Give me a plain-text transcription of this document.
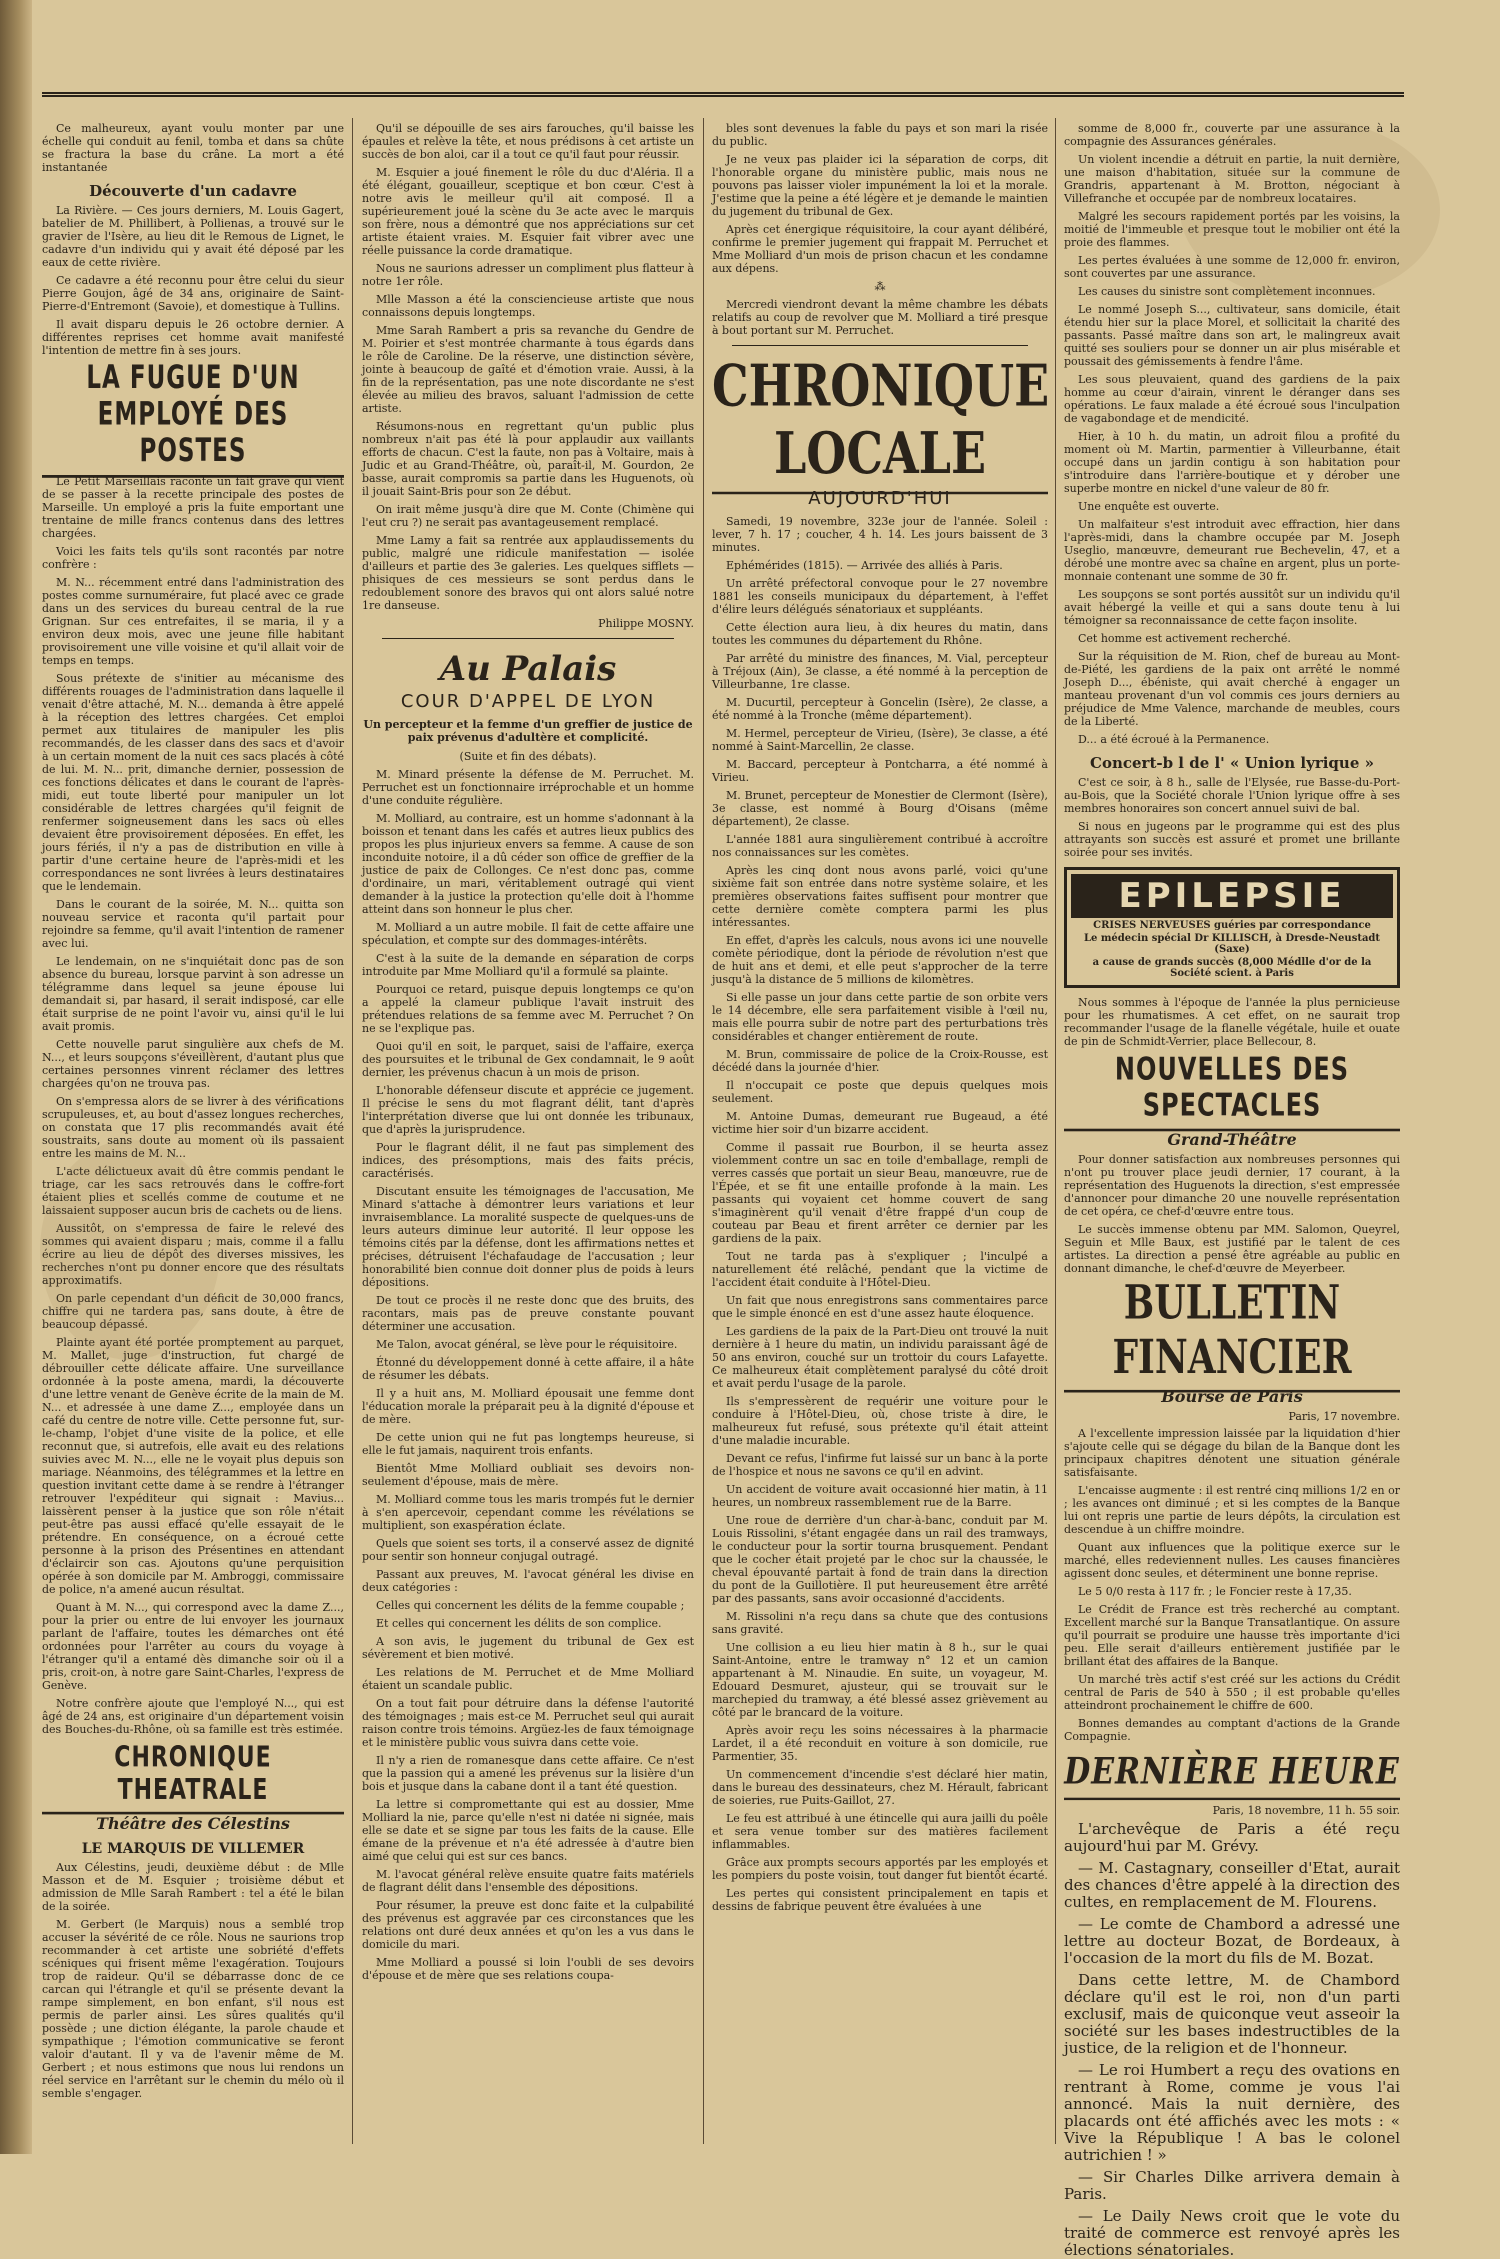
Ce malheureux, ayant voulu monter par une échelle qui conduit au fenil, tomba et dans sa chûte se fractura la base du crâne. La mort a été instantanée

Découverte d'un cadavre

La Rivière. — Ces jours derniers, M. Louis Gagert, batelier de M. Phillibert, à Pollienas, a trouvé sur le gravier de l'Isère, au lieu dit le Remous de Lignet, le cadavre d'un individu qui y avait été déposé par les eaux de cette rivière.

Ce cadavre a été reconnu pour être celui du sieur Pierre Goujon, âgé de 34 ans, originaire de Saint-Pierre-d'Entremont (Savoie), et domestique à Tullins.

Il avait disparu depuis le 26 octobre dernier. A différentes reprises cet homme avait manifesté l'intention de mettre fin à ses jours.

LA FUGUE D'UN EMPLOYÉ DES POSTES

Le Petit Marseillais raconte un fait grave qui vient de se passer à la recette principale des postes de Marseille. Un employé a pris la fuite emportant une trentaine de mille francs contenus dans des lettres chargées.

Voici les faits tels qu'ils sont racontés par notre confrère :

M. N... récemment entré dans l'administration des postes comme surnuméraire, fut placé avec ce grade dans un des services du bureau central de la rue Grignan. Sur ces entrefaites, il se maria, il y a environ deux mois, avec une jeune fille habitant provisoirement une ville voisine et qu'il allait voir de temps en temps.

Sous prétexte de s'initier au mécanisme des différents rouages de l'administration dans laquelle il venait d'être attaché, M. N... demanda à être appelé à la réception des lettres chargées. Cet emploi permet aux titulaires de manipuler les plis recommandés, de les classer dans des sacs et d'avoir à un certain moment de la nuit ces sacs placés à côté de lui. M. N... prit, dimanche dernier, possession de ces fonctions délicates et dans le courant de l'après-midi, eut toute liberté pour manipuler un lot considérable de lettres chargées qu'il feignit de renfermer soigneusement dans les sacs où elles devaient être provisoirement déposées. En effet, les jours fériés, il n'y a pas de distribution en ville à partir d'une certaine heure de l'après-midi et les correspondances ne sont livrées à leurs destinataires que le lendemain.

Dans le courant de la soirée, M. N... quitta son nouveau service et raconta qu'il partait pour rejoindre sa femme, qu'il avait l'intention de ramener avec lui.

Le lendemain, on ne s'inquiétait donc pas de son absence du bureau, lorsque parvint à son adresse un télégramme dans lequel sa jeune épouse lui demandait si, par hasard, il serait indisposé, car elle était surprise de ne point l'avoir vu, ainsi qu'il le lui avait promis.

Cette nouvelle parut singulière aux chefs de M. N..., et leurs soupçons s'éveillèrent, d'autant plus que certaines personnes vinrent réclamer des lettres chargées qu'on ne trouva pas.

On s'empressa alors de se livrer à des vérifications scrupuleuses, et, au bout d'assez longues recherches, on constata que 17 plis recommandés avait été soustraits, sans doute au moment où ils passaient entre les mains de M. N...

L'acte délictueux avait dû être commis pendant le triage, car les sacs retrouvés dans le coffre-fort étaient plies et scellés comme de coutume et ne laissaient supposer aucun bris de cachets ou de liens.

Aussitôt, on s'empressa de faire le relevé des sommes qui avaient disparu ; mais, comme il a fallu écrire au lieu de dépôt des diverses missives, les recherches n'ont pu donner encore que des résultats approximatifs.

On parle cependant d'un déficit de 30,000 francs, chiffre qui ne tardera pas, sans doute, à être de beaucoup dépassé.

Plainte ayant été portée promptement au parquet, M. Mallet, juge d'instruction, fut chargé de débrouiller cette délicate affaire. Une surveillance ordonnée à la poste amena, mardi, la découverte d'une lettre venant de Genève écrite de la main de M. N... et adressée à une dame Z..., employée dans un café du centre de notre ville. Cette personne fut, sur-le-champ, l'objet d'une visite de la police, et elle reconnut que, si autrefois, elle avait eu des relations suivies avec M. N..., elle ne le voyait plus depuis son mariage. Néanmoins, des télégrammes et la lettre en question invitant cette dame à se rendre à l'étranger retrouver l'expéditeur qui signait : Mavius... laissèrent penser à la justice que son rôle n'était peut-être pas aussi effacé qu'elle essayait de le prétendre. En conséquence, on a écroué cette personne à la prison des Présentines en attendant d'éclaircir son cas. Ajoutons qu'une perquisition opérée à son domicile par M. Ambroggi, commissaire de police, n'a amené aucun résultat.

Quant à M. N..., qui correspond avec la dame Z..., pour la prier ou entre de lui envoyer les journaux parlant de l'affaire, toutes les démarches ont été ordonnées pour l'arrêter au cours du voyage à l'étranger qu'il a entamé dès dimanche soir où il a pris, croit-on, à notre gare Saint-Charles, l'express de Genève.

Notre confrère ajoute que l'employé N..., qui est âgé de 24 ans, est originaire d'un département voisin des Bouches-du-Rhône, où sa famille est très estimée.

CHRONIQUE THEATRALE
Théâtre des Célestins
LE MARQUIS DE VILLEMER

Aux Célestins, jeudi, deuxième début : de Mlle Masson et de M. Esquier ; troisième début et admission de Mlle Sarah Rambert : tel a été le bilan de la soirée.

M. Gerbert (le Marquis) nous a semblé trop accuser la sévérité de ce rôle. Nous ne saurions trop recommander à cet artiste une sobriété d'effets scéniques qui frisent même l'exagération. Toujours trop de raideur. Qu'il se débarrasse donc de ce carcan qui l'étrangle et qu'il se présente devant la rampe simplement, en bon enfant, s'il nous est permis de parler ainsi. Les sûres qualités qu'il possède ; une diction élégante, la parole chaude et sympathique ; l'émotion communicative se feront valoir d'autant. Il y va de l'avenir même de M. Gerbert ; et nous estimons que nous lui rendons un réel service en l'arrêtant sur le chemin du mélo où il semble s'engager.

Qu'il se dépouille de ses airs farouches, qu'il baisse les épaules et relève la tête, et nous prédisons à cet artiste un succès de bon aloi, car il a tout ce qu'il faut pour réussir.

M. Esquier a joué finement le rôle du duc d'Aléria. Il a été élégant, gouailleur, sceptique et bon cœur. C'est à notre avis le meilleur qu'il ait composé. Il a supérieurement joué la scène du 3e acte avec le marquis son frère, nous a démontré que nos appréciations sur cet artiste étaient vraies. M. Esquier fait vibrer avec une réelle puissance la corde dramatique.

Nous ne saurions adresser un compliment plus flatteur à notre 1er rôle.

Mlle Masson a été la consciencieuse artiste que nous connaissons depuis longtemps.

Mme Sarah Rambert a pris sa revanche du Gendre de M. Poirier et s'est montrée charmante à tous égards dans le rôle de Caroline. De la réserve, une distinction sévère, jointe à beaucoup de gaîté et d'émotion vraie. Aussi, à la fin de la représentation, pas une note discordante ne s'est élevée au milieu des bravos, saluant l'admission de cette artiste.

Résumons-nous en regrettant qu'un public plus nombreux n'ait pas été là pour applaudir aux vaillants efforts de chacun. C'est la faute, non pas à Voltaire, mais à Judic et au Grand-Théâtre, où, paraît-il, M. Gourdon, 2e basse, aurait compromis sa partie dans les Huguenots, où il jouait Saint-Bris pour son 2e début.

On irait même jusqu'à dire que M. Conte (Chimène qui l'eut cru ?) ne serait pas avantageusement remplacé.

Mme Lamy a fait sa rentrée aux applaudissements du public, malgré une ridicule manifestation — isolée d'ailleurs et partie des 3e galeries. Les quelques sifflets — phisiques de ces messieurs se sont perdus dans le redoublement sonore des bravos qui ont alors salué notre 1re danseuse.

Philippe MOSNY.
Au Palais
COUR D'APPEL DE LYON
Un percepteur et la femme d'un greffier de justice de paix prévenus d'adultère et complicité.

(Suite et fin des débats).

M. Minard présente la défense de M. Perruchet. M. Perruchet est un fonctionnaire irréprochable et un homme d'une conduite régulière.

M. Molliard, au contraire, est un homme s'adonnant à la boisson et tenant dans les cafés et autres lieux publics des propos les plus injurieux envers sa femme. A cause de son inconduite notoire, il a dû céder son office de greffier de la justice de paix de Collonges. Ce n'est donc pas, comme d'ordinaire, un mari, véritablement outragé qui vient demander à la justice la protection qu'elle doit à l'homme atteint dans son honneur le plus cher.

M. Molliard a un autre mobile. Il fait de cette affaire une spéculation, et compte sur des dommages-intérêts.

C'est à la suite de la demande en séparation de corps introduite par Mme Molliard qu'il a formulé sa plainte.

Pourquoi ce retard, puisque depuis longtemps ce qu'on a appelé la clameur publique l'avait instruit des prétendues relations de sa femme avec M. Perruchet ? On ne se l'explique pas.

Quoi qu'il en soit, le parquet, saisi de l'affaire, exerça des poursuites et le tribunal de Gex condamnait, le 9 août dernier, les prévenus chacun à un mois de prison.

L'honorable défenseur discute et apprécie ce jugement. Il précise le sens du mot flagrant délit, tant d'après l'interprétation diverse que lui ont donnée les tribunaux, que d'après la jurisprudence.

Pour le flagrant délit, il ne faut pas simplement des indices, des présomptions, mais des faits précis, caractérisés.

Discutant ensuite les témoignages de l'accusation, Me Minard s'attache à démontrer leurs variations et leur invraisemblance. La moralité suspecte de quelques-uns de leurs auteurs diminue leur autorité. Il leur oppose les témoins cités par la défense, dont les affirmations nettes et précises, détruisent l'échafaudage de l'accusation ; leur honorabilité bien connue doit donner plus de poids à leurs dépositions.

De tout ce procès il ne reste donc que des bruits, des racontars, mais pas de preuve constante pouvant déterminer une accusation.

Me Talon, avocat général, se lève pour le réquisitoire.

Étonné du développement donné à cette affaire, il a hâte de résumer les débats.

Il y a huit ans, M. Molliard épousait une femme dont l'éducation morale la préparait peu à la dignité d'épouse et de mère.

De cette union qui ne fut pas longtemps heureuse, si elle le fut jamais, naquirent trois enfants.

Bientôt Mme Molliard oubliait ses devoirs non-seulement d'épouse, mais de mère.

M. Molliard comme tous les maris trompés fut le dernier à s'en apercevoir, cependant comme les révélations se multiplient, son exaspération éclate.

Quels que soient ses torts, il a conservé assez de dignité pour sentir son honneur conjugal outragé.

Passant aux preuves, M. l'avocat général les divise en deux catégories :

Celles qui concernent les délits de la femme coupable ;

Et celles qui concernent les délits de son complice.

A son avis, le jugement du tribunal de Gex est sévèrement et bien motivé.

Les relations de M. Perruchet et de Mme Molliard étaient un scandale public.

On a tout fait pour détruire dans la défense l'autorité des témoignages ; mais est-ce M. Perruchet seul qui aurait raison contre trois témoins. Argüez-les de faux témoignage et le ministère public vous suivra dans cette voie.

Il n'y a rien de romanesque dans cette affaire. Ce n'est que la passion qui a amené les prévenus sur la lisière d'un bois et jusque dans la cabane dont il a tant été question.

La lettre si compromettante qui est au dossier, Mme Molliard la nie, parce qu'elle n'est ni datée ni signée, mais elle se date et se signe par tous les faits de la cause. Elle émane de la prévenue et n'a été adressée à d'autre bien aimé que celui qui est sur ces bancs.

M. l'avocat général relève ensuite quatre faits matériels de flagrant délit dans l'ensemble des dépositions.

Pour résumer, la preuve est donc faite et la culpabilité des prévenus est aggravée par ces circonstances que les relations ont duré deux années et qu'on les a vus dans le domicile du mari.

Mme Molliard a poussé si loin l'oubli de ses devoirs d'épouse et de mère que ses relations coupa-

bles sont devenues la fable du pays et son mari la risée du public.

Je ne veux pas plaider ici la séparation de corps, dit l'honorable organe du ministère public, mais nous ne pouvons pas laisser violer impunément la loi et la morale. J'estime que la peine a été légère et je demande le maintien du jugement du tribunal de Gex.

Après cet énergique réquisitoire, la cour ayant délibéré, confirme le premier jugement qui frappait M. Perruchet et Mme Molliard d'un mois de prison chacun et les condamne aux dépens.

⁂

Mercredi viendront devant la même chambre les débats relatifs au coup de revolver que M. Molliard a tiré presque à bout portant sur M. Perruchet.

CHRONIQUE LOCALE
AUJOURD'HUI

Samedi, 19 novembre, 323e jour de l'année. Soleil : lever, 7 h. 17 ; coucher, 4 h. 14. Les jours baissent de 3 minutes.

Ephémérides (1815). — Arrivée des alliés à Paris.

Un arrêté préfectoral convoque pour le 27 novembre 1881 les conseils municipaux du département, à l'effet d'élire leurs délégués sénatoriaux et suppléants.

Cette élection aura lieu, à dix heures du matin, dans toutes les communes du département du Rhône.

Par arrêté du ministre des finances, M. Vial, percepteur à Tréjoux (Ain), 3e classe, a été nommé à la perception de Villeurbanne, 1re classe.

M. Ducurtil, percepteur à Goncelin (Isère), 2e classe, a été nommé à la Tronche (même département).

M. Hermel, percepteur de Virieu, (Isère), 3e classe, a été nommé à Saint-Marcellin, 2e classe.

M. Baccard, percepteur à Pontcharra, a été nommé à Virieu.

M. Brunet, percepteur de Monestier de Clermont (Isère), 3e classe, est nommé à Bourg d'Oisans (même département), 2e classe.

L'année 1881 aura singulièrement contribué à accroître nos connaissances sur les comètes.

Après les cinq dont nous avons parlé, voici qu'une sixième fait son entrée dans notre système solaire, et les premières observations faites suffisent pour montrer que cette dernière comète comptera parmi les plus intéressantes.

En effet, d'après les calculs, nous avons ici une nouvelle comète périodique, dont la période de révolution n'est que de huit ans et demi, et elle peut s'approcher de la terre jusqu'à la distance de 5 millions de kilomètres.

Si elle passe un jour dans cette partie de son orbite vers le 14 décembre, elle sera parfaitement visible à l'œil nu, mais elle pourra subir de notre part des perturbations très considérables et changer entièrement de route.

M. Brun, commissaire de police de la Croix-Rousse, est décédé dans la journée d'hier.

Il n'occupait ce poste que depuis quelques mois seulement.

M. Antoine Dumas, demeurant rue Bugeaud, a été victime hier soir d'un bizarre accident.

Comme il passait rue Bourbon, il se heurta assez violemment contre un sac en toile d'emballage, rempli de verres cassés que portait un sieur Beau, manœuvre, rue de l'Épée, et se fit une entaille profonde à la main. Les passants qui voyaient cet homme couvert de sang s'imaginèrent qu'il venait d'être frappé d'un coup de couteau par Beau et firent arrêter ce dernier par les gardiens de la paix.

Tout ne tarda pas à s'expliquer ; l'inculpé a naturellement été relâché, pendant que la victime de l'accident était conduite à l'Hôtel-Dieu.

Un fait que nous enregistrons sans commentaires parce que le simple énoncé en est d'une assez haute éloquence.

Les gardiens de la paix de la Part-Dieu ont trouvé la nuit dernière à 1 heure du matin, un individu paraissant âgé de 50 ans environ, couché sur un trottoir du cours Lafayette. Ce malheureux était complètement paralysé du côté droit et avait perdu l'usage de la parole.

Ils s'empressèrent de requérir une voiture pour le conduire à l'Hôtel-Dieu, où, chose triste à dire, le malheureux fut refusé, sous prétexte qu'il était atteint d'une maladie incurable.

Devant ce refus, l'infirme fut laissé sur un banc à la porte de l'hospice et nous ne savons ce qu'il en advint.

Un accident de voiture avait occasionné hier matin, à 11 heures, un nombreux rassemblement rue de la Barre.

Une roue de derrière d'un char-à-banc, conduit par M. Louis Rissolini, s'étant engagée dans un rail des tramways, le conducteur pour la sortir tourna brusquement. Pendant que le cocher était projeté par le choc sur la chaussée, le cheval épouvanté partait à fond de train dans la direction du pont de la Guillotière. Il put heureusement être arrêté par des passants, sans avoir occasionné d'accidents.

M. Rissolini n'a reçu dans sa chute que des contusions sans gravité.

Une collision a eu lieu hier matin à 8 h., sur le quai Saint-Antoine, entre le tramway n° 12 et un camion appartenant à M. Ninaudie. En suite, un voyageur, M. Edouard Desmuret, ajusteur, qui se trouvait sur le marchepied du tramway, a été blessé assez grièvement au côté par le brancard de la voiture.

Après avoir reçu les soins nécessaires à la pharmacie Lardet, il a été reconduit en voiture à son domicile, rue Parmentier, 35.

Un commencement d'incendie s'est déclaré hier matin, dans le bureau des dessinateurs, chez M. Hérault, fabricant de soieries, rue Puits-Gaillot, 27.

Le feu est attribué à une étincelle qui aura jailli du poêle et sera venue tomber sur des matières facilement inflammables.

Grâce aux prompts secours apportés par les employés et les pompiers du poste voisin, tout danger fut bientôt écarté.

Les pertes qui consistent principalement en tapis et dessins de fabrique peuvent être évaluées à une

somme de 8,000 fr., couverte par une assurance à la compagnie des Assurances générales.

Un violent incendie a détruit en partie, la nuit dernière, une maison d'habitation, située sur la commune de Grandris, appartenant à M. Brotton, négociant à Villefranche et occupée par de nombreux locataires.

Malgré les secours rapidement portés par les voisins, la moitié de l'immeuble et presque tout le mobilier ont été la proie des flammes.

Les pertes évaluées à une somme de 12,000 fr. environ, sont couvertes par une assurance.

Les causes du sinistre sont complètement inconnues.

Le nommé Joseph S..., cultivateur, sans domicile, était étendu hier sur la place Morel, et sollicitait la charité des passants. Passé maître dans son art, le malingreux avait quitté ses souliers pour se donner un air plus misérable et poussait des gémissements à fendre l'âme.

Les sous pleuvaient, quand des gardiens de la paix homme au cœur d'airain, vinrent le déranger dans ses opérations. Le faux malade a été écroué sous l'inculpation de vagabondage et de mendicité.

Hier, à 10 h. du matin, un adroit filou a profité du moment où M. Martin, parmentier à Villeurbanne, était occupé dans un jardin contigu à son habitation pour s'introduire dans l'arrière-boutique et y dérober une superbe montre en nickel d'une valeur de 80 fr.

Une enquête est ouverte.

Un malfaiteur s'est introduit avec effraction, hier dans l'après-midi, dans la chambre occupée par M. Joseph Useglio, manœuvre, demeurant rue Bechevelin, 47, et a dérobé une montre avec sa chaîne en argent, plus un porte-monnaie contenant une somme de 30 fr.

Les soupçons se sont portés aussitôt sur un individu qu'il avait hébergé la veille et qui a sans doute tenu à lui témoigner sa reconnaissance de cette façon insolite.

Cet homme est activement recherché.

Sur la réquisition de M. Rion, chef de bureau au Mont-de-Piété, les gardiens de la paix ont arrêté le nommé Joseph D..., ébéniste, qui avait cherché à engager un manteau provenant d'un vol commis ces jours derniers au préjudice de Mme Valence, marchande de meubles, cours de la Liberté.

D... a été écroué à la Permanence.

Concert-b l de l' « Union lyrique »

C'est ce soir, à 8 h., salle de l'Elysée, rue Basse-du-Port-au-Bois, que la Société chorale l'Union lyrique offre à ses membres honoraires son concert annuel suivi de bal.

Si nous en jugeons par le programme qui est des plus attrayants son succès est assuré et promet une brillante soirée pour ses invités.

EPILEPSIE
CRISES NERVEUSES guéries par correspondance
Le médecin spécial Dr KILLISCH, à Dresde-Neustadt (Saxe)
a cause de grands succès (8,000 Médlle d'or de la Société scient. à Paris

Nous sommes à l'époque de l'année la plus pernicieuse pour les rhumatismes. A cet effet, on ne saurait trop recommander l'usage de la flanelle végétale, huile et ouate de pin de Schmidt-Verrier, place Bellecour, 8.

NOUVELLES DES SPECTACLES
Grand-Théâtre

Pour donner satisfaction aux nombreuses personnes qui n'ont pu trouver place jeudi dernier, 17 courant, à la représentation des Huguenots la direction, s'est empressée d'annoncer pour dimanche 20 une nouvelle représentation de cet opéra, ce chef-d'œuvre entre tous.

Le succès immense obtenu par MM. Salomon, Queyrel, Seguin et Mlle Baux, est justifié par le talent de ces artistes. La direction a pensé être agréable au public en donnant dimanche, le chef-d'œuvre de Meyerbeer.

BULLETIN FINANCIER
Bourse de Paris
Paris, 17 novembre.

A l'excellente impression laissée par la liquidation d'hier s'ajoute celle qui se dégage du bilan de la Banque dont les principaux chapitres dénotent une situation générale satisfaisante.

L'encaisse augmente : il est rentré cinq millions 1/2 en or ; les avances ont diminué ; et si les comptes de la Banque lui ont repris une partie de leurs dépôts, la circulation est descendue à un chiffre moindre.

Quant aux influences que la politique exerce sur le marché, elles redeviennent nulles. Les causes financières agissent donc seules, et déterminent une bonne reprise.

Le 5 0/0 resta à 117 fr. ; le Foncier reste à 17,35.

Le Crédit de France est très recherché au comptant. Excellent marché sur la Banque Transatlantique. On assure qu'il pourrait se produire une hausse très importante d'ici peu. Elle serait d'ailleurs entièrement justifiée par le brillant état des affaires de la Banque.

Un marché très actif s'est créé sur les actions du Crédit central de Paris de 540 à 550 ; il est probable qu'elles atteindront prochainement le chiffre de 600.

Bonnes demandes au comptant d'actions de la Grande Compagnie.

DERNIÈRE HEURE
Paris, 18 novembre, 11 h. 55 soir.

L'archevêque de Paris a été reçu aujourd'hui par M. Grévy.

— M. Castagnary, conseiller d'Etat, aurait des chances d'être appelé à la direction des cultes, en remplacement de M. Flourens.

— Le comte de Chambord a adressé une lettre au docteur Bozat, de Bordeaux, à l'occasion de la mort du fils de M. Bozat.

Dans cette lettre, M. de Chambord déclare qu'il est le roi, non d'un parti exclusif, mais de quiconque veut asseoir la société sur les bases indestructibles de la justice, de la religion et de l'honneur.

— Le roi Humbert a reçu des ovations en rentrant à Rome, comme je vous l'ai annoncé. Mais la nuit dernière, des placards ont été affichés avec les mots : « Vive la République ! A bas le colonel autrichien ! »

— Sir Charles Dilke arrivera demain à Paris.

— Le Daily News croit que le vote du traité de commerce est renvoyé après les élections sénatoriales.
